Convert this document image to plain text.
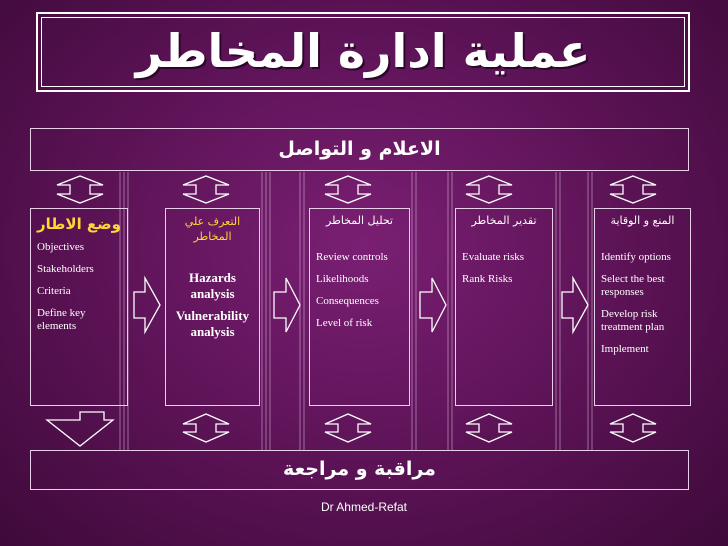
عملية ادارة المخاطر
الاعلام و التواصل
وضع الاطار
Objectives
Stakeholders
Criteria
Define key elements
التعرف علي المخاطر
Hazards analysis
Vulnerability analysis
تحليل المخاطر
Review controls
Likelihoods
Consequences
Level of risk
تقدير المخاطر
Evaluate risks
Rank Risks
المنع و الوقاية
Identify options
Select the best responses
Develop risk treatment plan
Implement
مراقبة و مراجعة
Dr Ahmed-Refat
